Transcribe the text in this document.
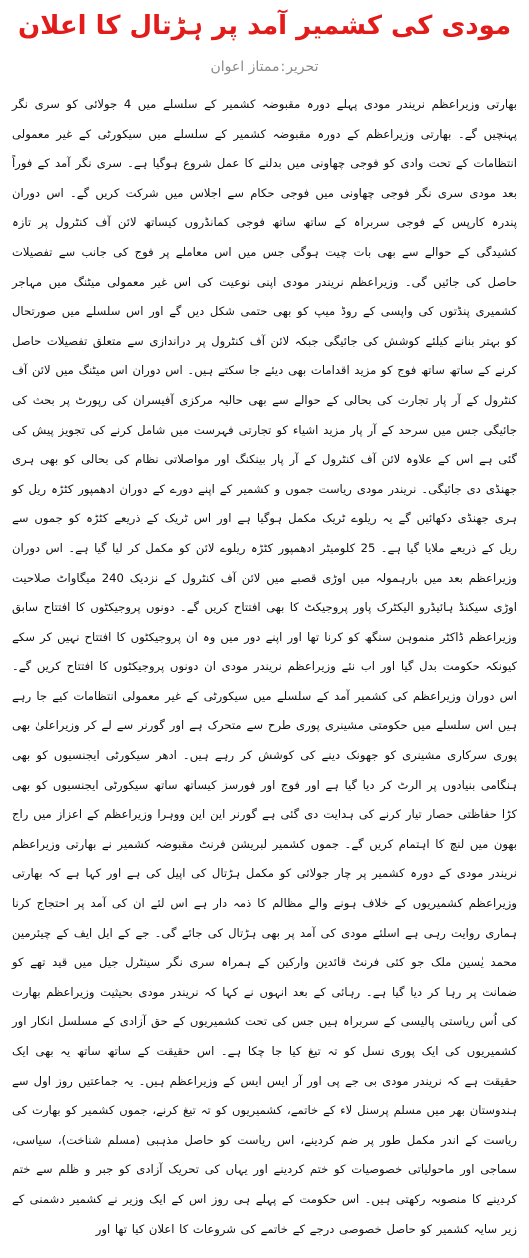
مودی کی کشمیر آمد پر ہڑتال کا اعلان
تحریر:ممتاز اعوان

بھارتی وزیراعظم نریندر مودی پہلے دورہ مقبوضہ کشمیر کے سلسلے میں 4 جولائی کو سری نگر پہنچیں گے۔ بھارتی وزیراعظم کے دورہ مقبوضہ کشمیر کے سلسلے میں سیکورٹی کے غیر معمولی انتظامات کے تحت وادی کو فوجی چھاونی میں بدلنے کا عمل شروع ہوگیا ہے۔ سری نگر آمد کے فوراً بعد مودی سری نگر فوجی چھاونی میں فوجی حکام سے اجلاس میں شرکت کریں گے۔ اس دوران پندرہ کارپس کے فوجی سربراہ کے ساتھ ساتھ فوجی کمانڈروں کیساتھ لائن آف کنٹرول پر تازہ کشیدگی کے حوالے سے بھی بات چیت ہوگی جس میں اس معاملے پر فوج کی جانب سے تفصیلات حاصل کی جائیں گی۔ وزیراعظم نریندر مودی اپنی نوعیت کی اس غیر معمولی میٹنگ میں مہاجر کشمیری پنڈتوں کی واپسی کے روڈ میپ کو بھی حتمی شکل دیں گے اور اس سلسلے میں صورتحال کو بہتر بنانے کیلئے کوشش کی جائیگی جبکہ لائن آف کنٹرول پر دراندازی سے متعلق تفصیلات حاصل کرنے کے ساتھ ساتھ فوج کو مزید اقدامات بھی دیئے جا سکتے ہیں۔ اس دوران اس میٹنگ میں لائن آف کنٹرول کے آر پار تجارت کی بحالی کے حوالے سے بھی حالیہ مرکزی آفیسران کی رپورٹ پر بحث کی جائیگی جس میں سرحد کے آر پار مزید اشیاء کو تجارتی فہرست میں شامل کرنے کی تجویز پیش کی گئی ہے اس کے علاوہ لائن آف کنٹرول کے آر پار بینکنگ اور مواصلاتی نظام کی بحالی کو بھی ہری جھنڈی دی جائیگی۔ نریندر مودی ریاست جموں و کشمیر کے اپنے دورے کے دوران ادھمپور کٹڑہ ریل کو ہری جھنڈی دکھائیں گے یہ ریلوے ٹریک مکمل ہوگیا ہے اور اس ٹریک کے ذریعے کٹڑہ کو جموں سے ریل کے ذریعے ملایا گیا ہے۔ 25 کلومیٹر ادھمپور کٹڑہ ریلوے لائن کو مکمل کر لیا گیا ہے۔ اس دوران وزیراعظم بعد میں بارہمولہ میں اوڑی قصبے میں لائن آف کنٹرول کے نزدیک 240 میگاواٹ صلاحیت اوڑی سیکنڈ ہائیڈرو الیکٹرک پاور پروجیکٹ کا بھی افتتاح کریں گے۔ دونوں پروجیکٹوں کا افتتاح سابق وزیراعظم ڈاکٹر منموہن سنگھ کو کرنا تھا اور اپنے دور میں وہ ان پروجیکٹوں کا افتتاح نہیں کر سکے کیونکہ حکومت بدل گیا اور اب نئے وزیراعظم نریندر مودی ان دونوں پروجیکٹوں کا افتتاح کریں گے۔ اس دوران وزیراعظم کی کشمیر آمد کے سلسلے میں سیکورٹی کے غیر معمولی انتظامات کیے جا رہے ہیں اس سلسلے میں حکومتی مشینری پوری طرح سے متحرک ہے اور گورنر سے لے کر وزیراعلیٰ بھی پوری سرکاری مشینری کو جھونک دینے کی کوشش کر رہے ہیں۔ ادھر سیکورٹی ایجنسیوں کو بھی ہنگامی بنیادوں پر الرٹ کر دیا گیا ہے اور فوج اور فورسز کیساتھ ساتھ سیکورٹی ایجنسیوں کو بھی کڑا حفاظتی حصار تیار کرنے کی ہدایت دی گئی ہے گورنر این این ووہرا وزیراعظم کے اعزاز میں راج بھون میں لنچ کا اہتمام کریں گے۔ جموں کشمیر لبریشن فرنٹ مقبوضہ کشمیر نے بھارتی وزیراعظم نریندر مودی کے دورہ کشمیر پر چار جولائی کو مکمل ہڑتال کی اپیل کی ہے اور کہا ہے کہ بھارتی وزیراعظم کشمیریوں کے خلاف ہونے والے مظالم کا ذمہ دار ہے اس لئے ان کی آمد پر احتجاج کرنا ہماری روایت رہی ہے اسلئے مودی کی آمد پر بھی ہڑتال کی جائے گی۔ جے کے ایل ایف کے چیئرمین محمد یٰسین ملک جو کئی فرنٹ قائدین وارکین کے ہمراہ سری نگر سینٹرل جیل میں قید تھے کو ضمانت پر رہا کر دیا گیا ہے۔ رہائی کے بعد انہوں نے کہا کہ نریندر مودی بحیثیت وزیراعظم بھارت کی اُس ریاستی پالیسی کے سربراہ ہیں جس کی تحت کشمیریوں کے حق آزادی کے مسلسل انکار اور کشمیریوں کی ایک پوری نسل کو تہ تیغ کیا جا چکا ہے۔ اس حقیقت کے ساتھ ساتھ یہ بھی ایک حقیقت ہے کہ نریندر مودی بی جے پی اور آر ایس ایس کے وزیراعظم ہیں۔ یہ جماعتیں روز اول سے ہندوستان بھر میں مسلم پرسنل لاء کے خاتمے، کشمیریوں کو تہ تیغ کرنے، جموں کشمیر کو بھارت کی ریاست کے اندر مکمل طور پر ضم کردینے، اس ریاست کو حاصل مذہبی (مسلم شناخت)، سیاسی، سماجی اور ماحولیاتی خصوصیات کو ختم کردینے اور یہاں کی تحریک آزادی کو جبر و ظلم سے ختم کردینے کا منصوبہ رکھتی ہیں۔ اس حکومت کے پہلے ہی روز اس کے ایک وزیر نے کشمیر دشمنی کے زیر سایہ کشمیر کو حاصل خصوصی درجے کے خاتمے کی شروعات کا اعلان کیا تھا اور
